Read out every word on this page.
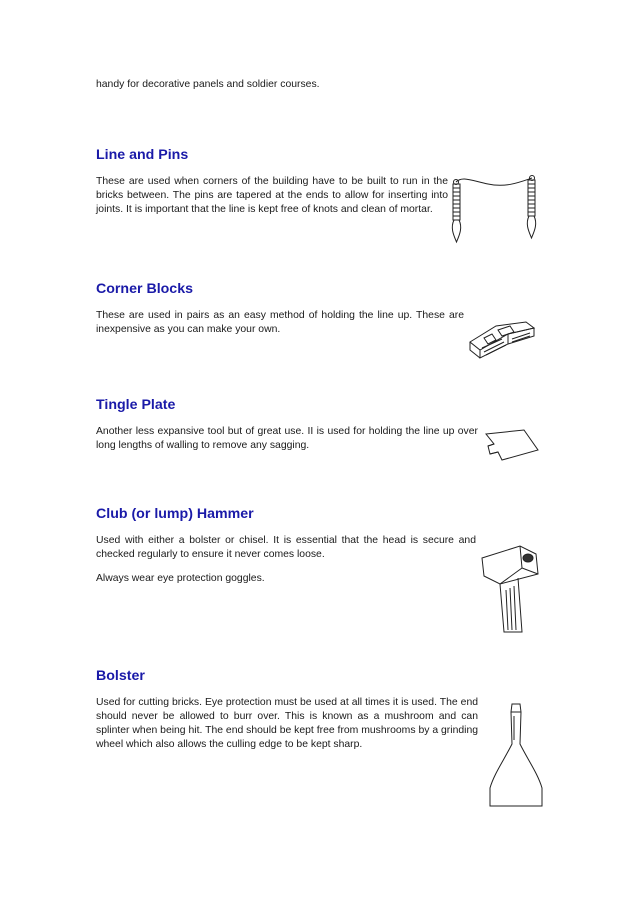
handy for decorative panels and soldier courses.

Line and Pins

These are used when corners of the building have to be built to run in the bricks between. The pins are tapered at the ends to allow for inserting into joints. It is important that the line is kept free of knots and clean of mortar.

Corner Blocks

These are used in pairs as an easy method of holding the line up. These are inexpensive as you can make your own.

Tingle Plate

Another less expansive tool but of great use. II is used for holding the line up over long lengths of walling to remove any sagging.

Club (or lump) Hammer

Used with either a bolster or chisel. It is essential that the head is secure and checked regularly to ensure it never comes loose.

Always wear eye protection goggles.

Bolster

Used for cutting bricks. Eye protection must be used at all times it is used. The end should never be allowed to burr over. This is known as a mushroom and can splinter when being hit. The end should be kept free from mushrooms by a grinding wheel which also allows the culling edge to be kept sharp.
